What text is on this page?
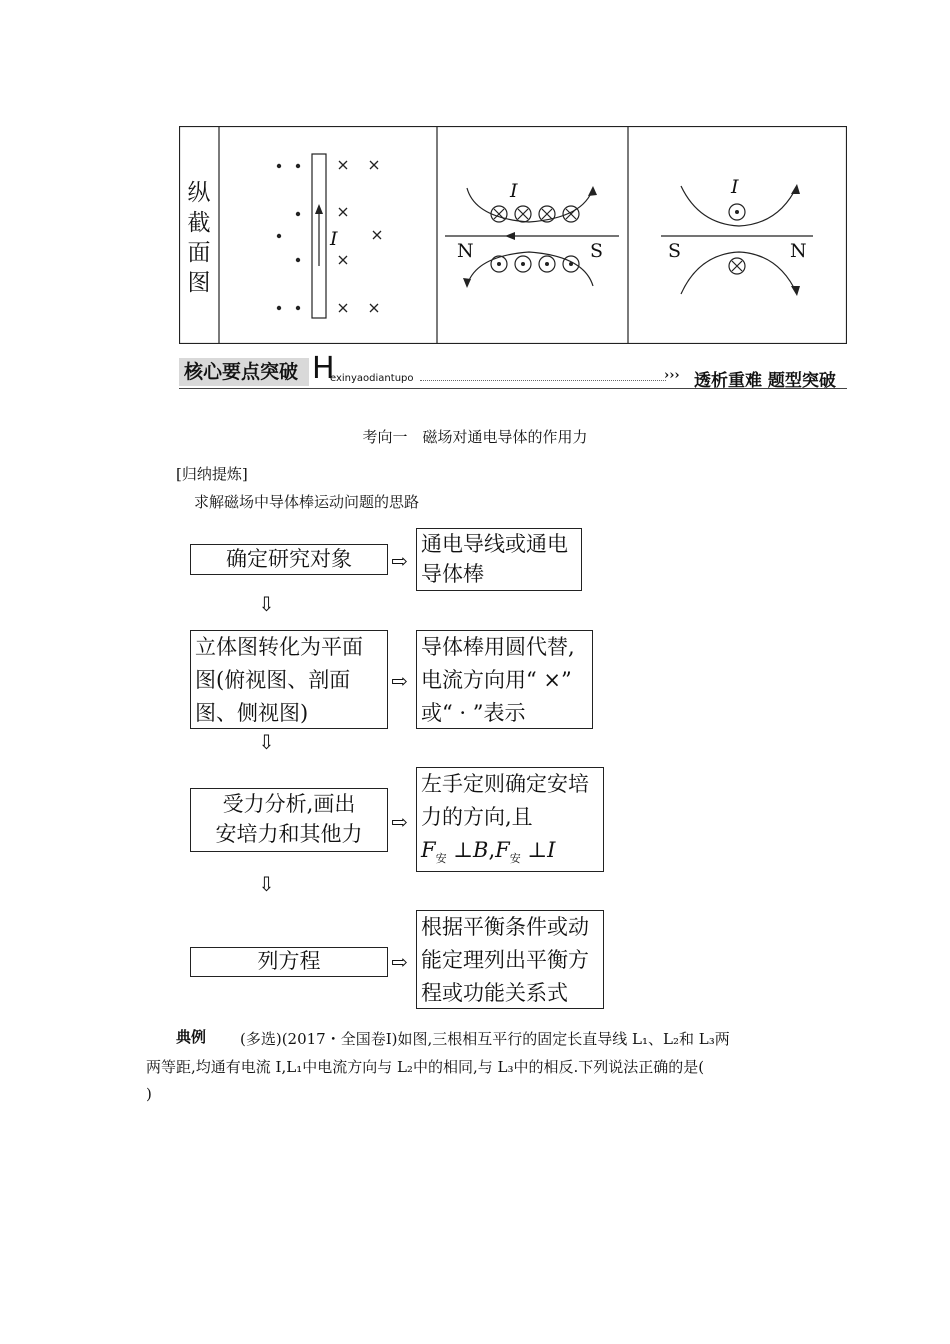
纵截面图
I
I
N	S
I
S	N
核心要点突破 H
exinyaodiantupo	››› 透析重难 题型突破
考向一　磁场对通电导体的作用力
[归纳提炼]
求解磁场中导体棒运动问题的思路
确定研究对象	⇨
通电导线或通电
导体棒
⇩
立体图转化为平面
图(俯视图、剖面
图、侧视图)
⇨
导体棒用圆代替,
电流方向用“ ×”
或“ · ”表示
⇩
受力分析,画出
安培力和其他力	⇨
左手定则确定安培
力的方向,且
$F_安$ $\perp B,F_安$ ⊥I
⇩
列方程	⇨
根据平衡条件或动
能定理列出平衡方
程或功能关系式
典例 (多选)(2017・全国卷Ⅰ)如图,三根相互平行的固定长直导线 L₁、L₂和 L₃两
两等距,均通有电流 I,L₁中电流方向与 L₂中的相同,与 L₃中的相反.下列说法正确的是(
)
